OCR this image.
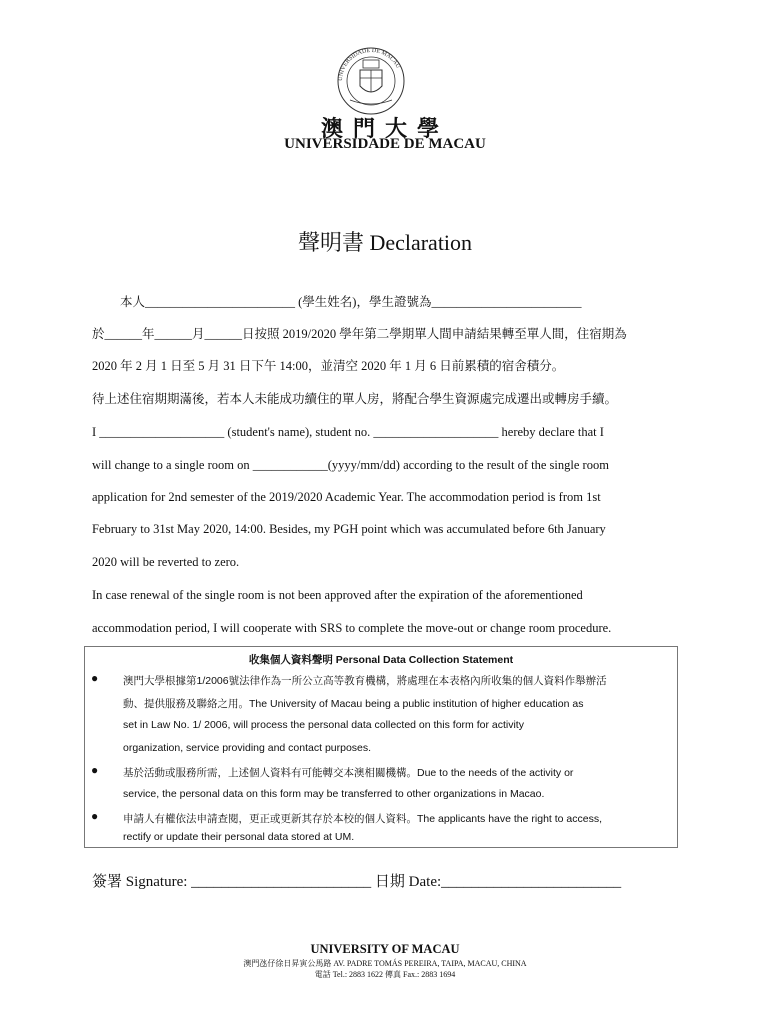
UNIVERSIDADE DE MACAU
澳門大學
UNIVERSIDADE DE MACAU
聲明書 Declaration
本人________________________ (學生姓名)，學生證號為________________________
於______年______月______日按照 2019/2020 學年第二學期單人間申請結果轉至單人間，住宿期為
2020 年 2 月 1 日至 5 月 31 日下午 14:00，並清空 2020 年 1 月 6 日前累積的宿舍積分。
待上述住宿期期滿後，若本人未能成功續住的單人房，將配合學生資源處完成遷出或轉房手續。
I ____________________ (student's name), student no. ____________________ hereby declare that I
will change to a single room on ____________(yyyy/mm/dd) according to the result of the single room
application for 2nd semester of the 2019/2020 Academic Year. The accommodation period is from 1st
February to 31st May 2020, 14:00. Besides, my PGH point which was accumulated before 6th January
2020 will be reverted to zero.
In case renewal of the single room is not been approved after the expiration of the aforementioned
accommodation period, I will cooperate with SRS to complete the move-out or change room procedure.
收集個人資料聲明 Personal Data Collection Statement
● 澳門大學根據第1/2006號法律作為一所公立高等教育機構，將處理在本表格內所收集的個人資料作舉辦活
動、提供服務及聯絡之用。The University of Macau being a public institution of higher education as
set in Law No. 1/ 2006, will process the personal data collected on this form for activity
organization, service providing and contact purposes.
● 基於活動或服務所需，上述個人資料有可能轉交本澳相關機構。Due to the needs of the activity or
service, the personal data on this form may be transferred to other organizations in Macao.
● 申請人有權依法申請查閱，更正或更新其存於本校的個人資料。The applicants have the right to access,
rectify or update their personal data stored at UM.
簽署 Signature: ________________________ 日期 Date:________________________
UNIVERSITY OF MACAU
澳門氹仔徐日昇寅公馬路 AV. PADRE TOMÁS PEREIRA, TAIPA, MACAU, CHINA
電話 Tel.: 2883 1622 傳真 Fax.: 2883 1694
